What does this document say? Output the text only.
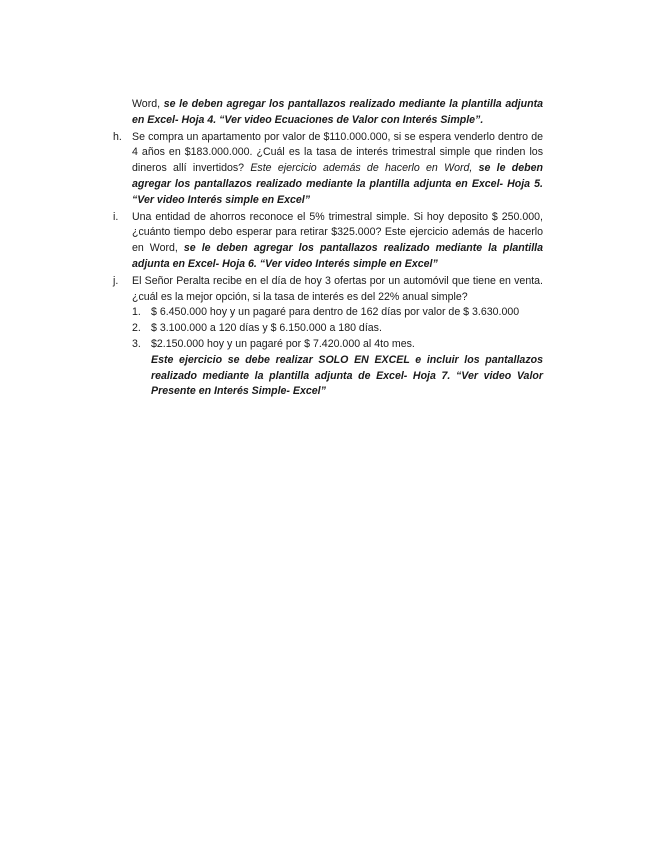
Word, se le deben agregar los pantallazos realizado mediante la plantilla adjunta en Excel- Hoja 4. “Ver video Ecuaciones de Valor con Interés Simple”.

h. Se compra un apartamento por valor de $110.000.000, si se espera venderlo dentro de 4 años en $183.000.000. ¿Cuál es la tasa de interés trimestral simple que rinden los dineros allí invertidos? Este ejercicio además de hacerlo en Word, se le deben agregar los pantallazos realizado mediante la plantilla adjunta en Excel- Hoja 5. “Ver video Interés simple en Excel”

i. Una entidad de ahorros reconoce el 5% trimestral simple. Si hoy deposito $ 250.000, ¿cuánto tiempo debo esperar para retirar $325.000? Este ejercicio además de hacerlo en Word, se le deben agregar los pantallazos realizado mediante la plantilla adjunta en Excel- Hoja 6. “Ver video Interés simple en Excel”

j. El Señor Peralta recibe en el día de hoy 3 ofertas por un automóvil que tiene en venta. ¿cuál es la mejor opción, si la tasa de interés es del 22% anual simple?
1. $ 6.450.000 hoy y un pagaré para dentro de 162 días por valor de $ 3.630.000
2. $ 3.100.000 a 120 días y $ 6.150.000 a 180 días.
3. $2.150.000 hoy y un pagaré por $ 7.420.000 al 4to mes.
Este ejercicio se debe realizar SOLO EN EXCEL e incluir los pantallazos realizado mediante la plantilla adjunta de Excel- Hoja 7. “Ver video Valor Presente en Interés Simple- Excel”
